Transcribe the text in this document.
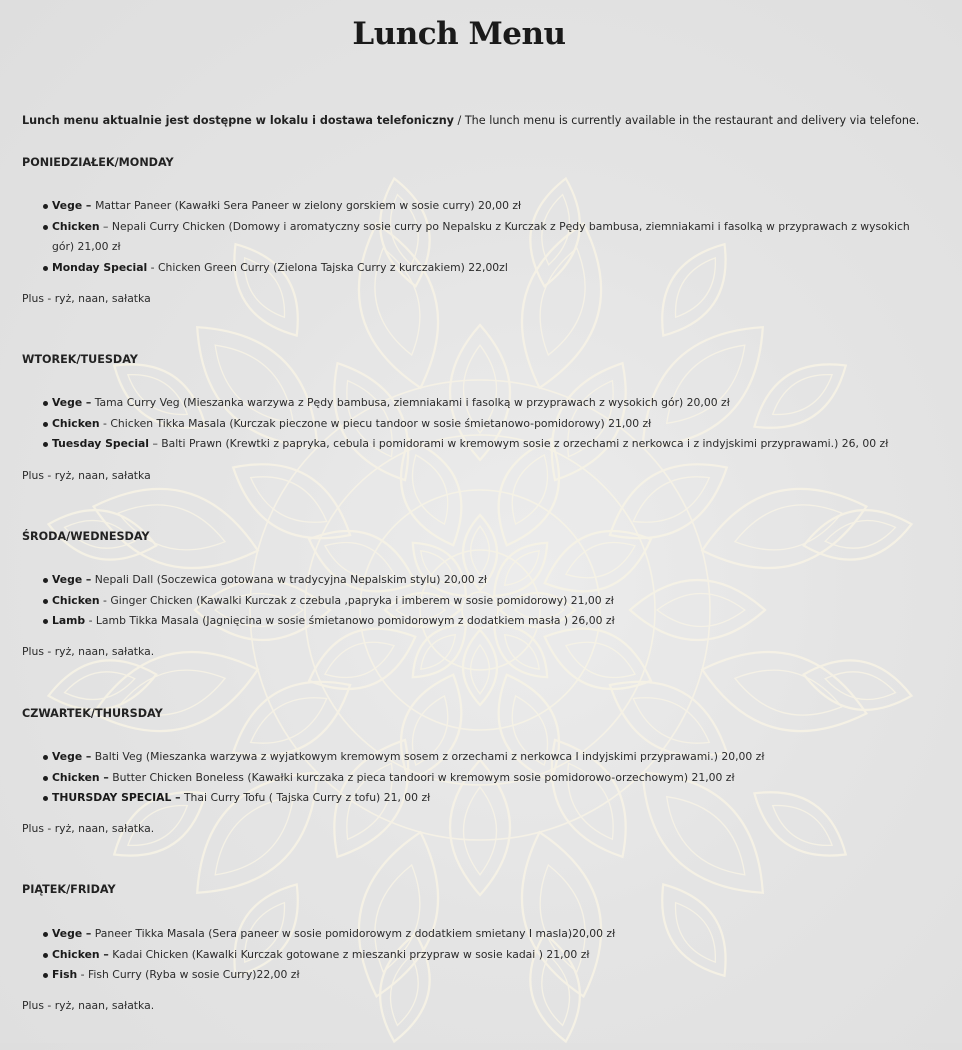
Lunch Menu

Lunch menu aktualnie jest dostępne w lokalu i dostawa telefoniczny / The lunch menu is currently available in the restaurant and delivery via telefone.

PONIEDZIAŁEK/MONDAY

Vege – Mattar Paneer (Kawałki Sera Paneer w zielony gorskiem w sosie curry) 20,00 zł
Chicken – Nepali Curry Chicken (Domowy i aromatyczny sosie curry po Nepalsku z Kurczak z Pędy bambusa, ziemniakami i fasolką w przyprawach z wysokich gór) 21,00 zł
Monday Special - Chicken Green Curry (Zielona Tajska Curry z kurczakiem) 22,00zl

Plus - ryż, naan, sałatka

WTOREK/TUESDAY

Vege – Tama Curry Veg (Mieszanka warzywa z Pędy bambusa, ziemniakami i fasolką w przyprawach z wysokich gór) 20,00 zł
Chicken - Chicken Tikka Masala (Kurczak pieczone w piecu tandoor w sosie śmietanowo-pomidorowy) 21,00 zł
Tuesday Special – Balti Prawn (Krewtki z papryka, cebula i pomidorami w kremowym sosie z orzechami z nerkowca i z indyjskimi przyprawami.) 26, 00 zł

Plus - ryż, naan, sałatka

ŚRODA/WEDNESDAY

Vege – Nepali Dall (Soczewica gotowana w tradycyjna Nepalskim stylu) 20,00 zł
Chicken - Ginger Chicken (Kawalki Kurczak z czebula ,papryka i imberem w sosie pomidorowy) 21,00 zł
Lamb - Lamb Tikka Masala (Jagnięcina w sosie śmietanowo pomidorowym z dodatkiem masła ) 26,00 zł

Plus - ryż, naan, sałatka.

CZWARTEK/THURSDAY

Vege – Balti Veg (Mieszanka warzywa z wyjatkowym kremowym sosem z orzechami z nerkowca I indyjskimi przyprawami.) 20,00 zł
Chicken – Butter Chicken Boneless (Kawałki kurczaka z pieca tandoori w kremowym sosie pomidorowo-orzechowym) 21,00 zł
THURSDAY SPECIAL – Thai Curry Tofu ( Tajska Curry z tofu) 21, 00 zł

Plus - ryż, naan, sałatka.

PIĄTEK/FRIDAY

Vege – Paneer Tikka Masala (Sera paneer w sosie pomidorowym z dodatkiem smietany I masla)20,00 zł
Chicken – Kadai Chicken (Kawalki Kurczak gotowane z mieszanki przypraw w sosie kadai ) 21,00 zł
Fish - Fish Curry (Ryba w sosie Curry)22,00 zł

Plus - ryż, naan, sałatka.
